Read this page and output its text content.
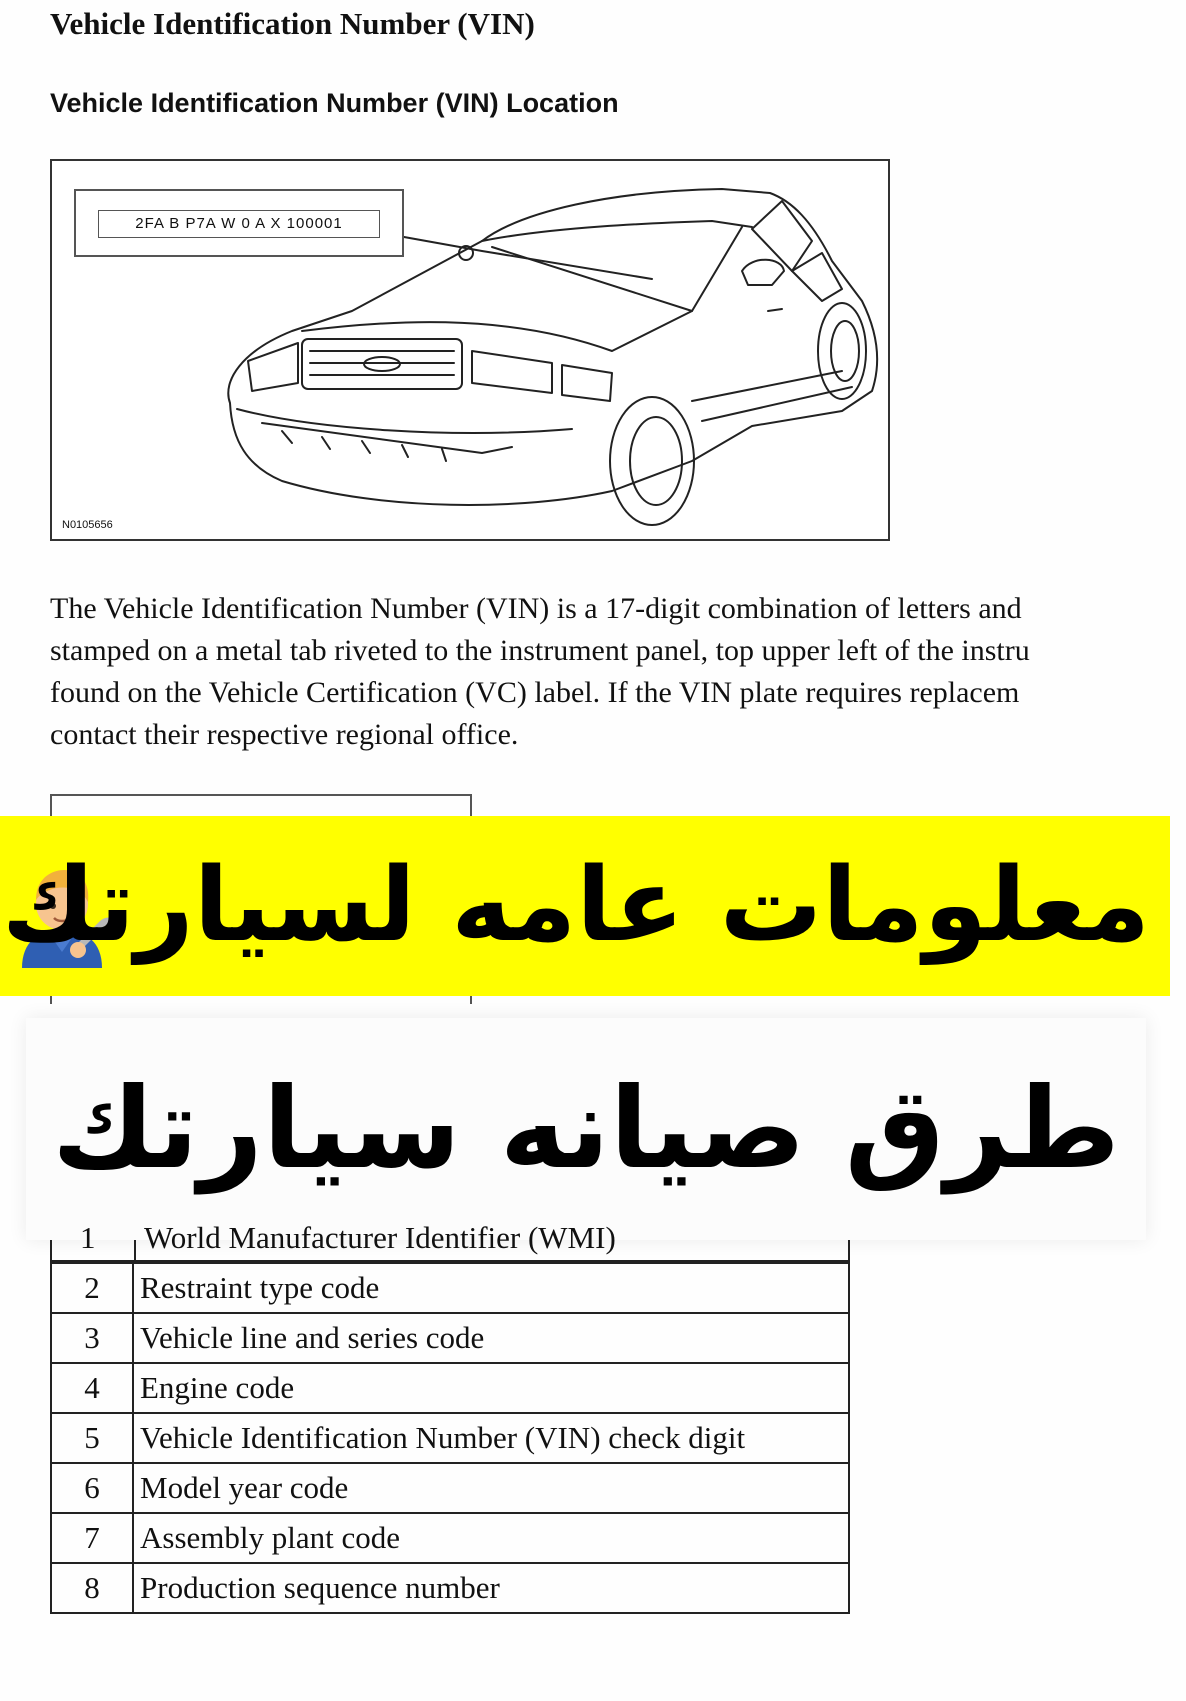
Vehicle Identification Number (VIN)
Vehicle Identification Number (VIN) Location
2FA B P7A W 0 A X 100001
N0105656
The Vehicle Identification Number (VIN) is a 17-digit combination of letters and
stamped on a metal tab riveted to the instrument panel, top upper left of the instru
found on the Vehicle Certification (VC) label. If the VIN plate requires replacem
contact their respective regional office.
معلومات عامه لسيارتك
طرق صيانه سيارتك
1 World Manufacturer Identifier (WMI)
2	Restraint type code
3	Vehicle line and series code
4	Engine code
5	Vehicle Identification Number (VIN) check digit
6	Model year code
7	Assembly plant code
8	Production sequence number
